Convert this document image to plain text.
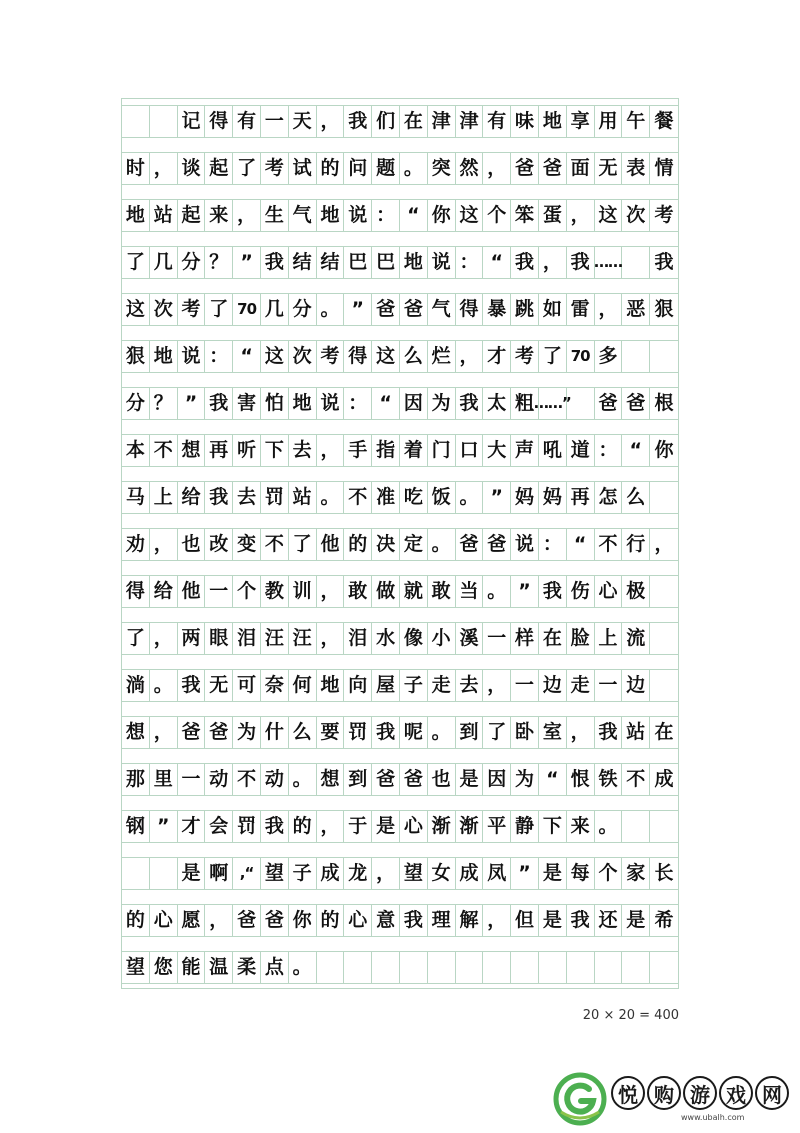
记 得 有 一 天 ， 我 们 在 津 津 有 味 地 享 用 午 餐
时 ， 谈 起 了 考 试 的 问 题 。 突 然 ， 爸 爸 面 无 表 情
地 站 起 来 ， 生 气 地 说 ： “ 你 这 个 笨 蛋 ， 这 次 考
了 几 分 ？ ” 我 结 结 巴 巴 地 说 ： “ 我 ， 我 …… 我
这 次 考 了 70 几 分 。 ” 爸 爸 气 得 暴 跳 如 雷 ， 恶 狠
狠 地 说 ： “ 这 次 考 得 这 么 烂 ， 才 考 了 70 多
分 ？ ” 我 害 怕 地 说 ： “ 因 为 我 太 粗 ……” 爸 爸 根
本 不 想 再 听 下 去 ， 手 指 着 门 口 大 声 吼 道 ： “ 你
马 上 给 我 去 罚 站 。 不 准 吃 饭 。 ” 妈 妈 再 怎 么
劝 ， 也 改 变 不 了 他 的 决 定 。 爸 爸 说 ： “ 不 行 ，
得 给 他 一 个 教 训 ， 敢 做 就 敢 当 。 ” 我 伤 心 极
了 ， 两 眼 泪 汪 汪 ， 泪 水 像 小 溪 一 样 在 脸 上 流
淌 。 我 无 可 奈 何 地 向 屋 子 走 去 ， 一 边 走 一 边
想 ， 爸 爸 为 什 么 要 罚 我 呢 。 到 了 卧 室 ， 我 站 在
那 里 一 动 不 动 。 想 到 爸 爸 也 是 因 为 “ 恨 铁 不 成
钢 ” 才 会 罚 我 的 ， 于 是 心 渐 渐 平 静 下 来 。
是 啊 ,“ 望 子 成 龙 ， 望 女 成 凤 ” 是 每 个 家 长
的 心 愿 ， 爸 爸 你 的 心 意 我 理 解 ， 但 是 我 还 是 希
望 您 能 温 柔 点 。
20 × 20 = 400
悦 购 游 戏 网
www.ubalh.com
